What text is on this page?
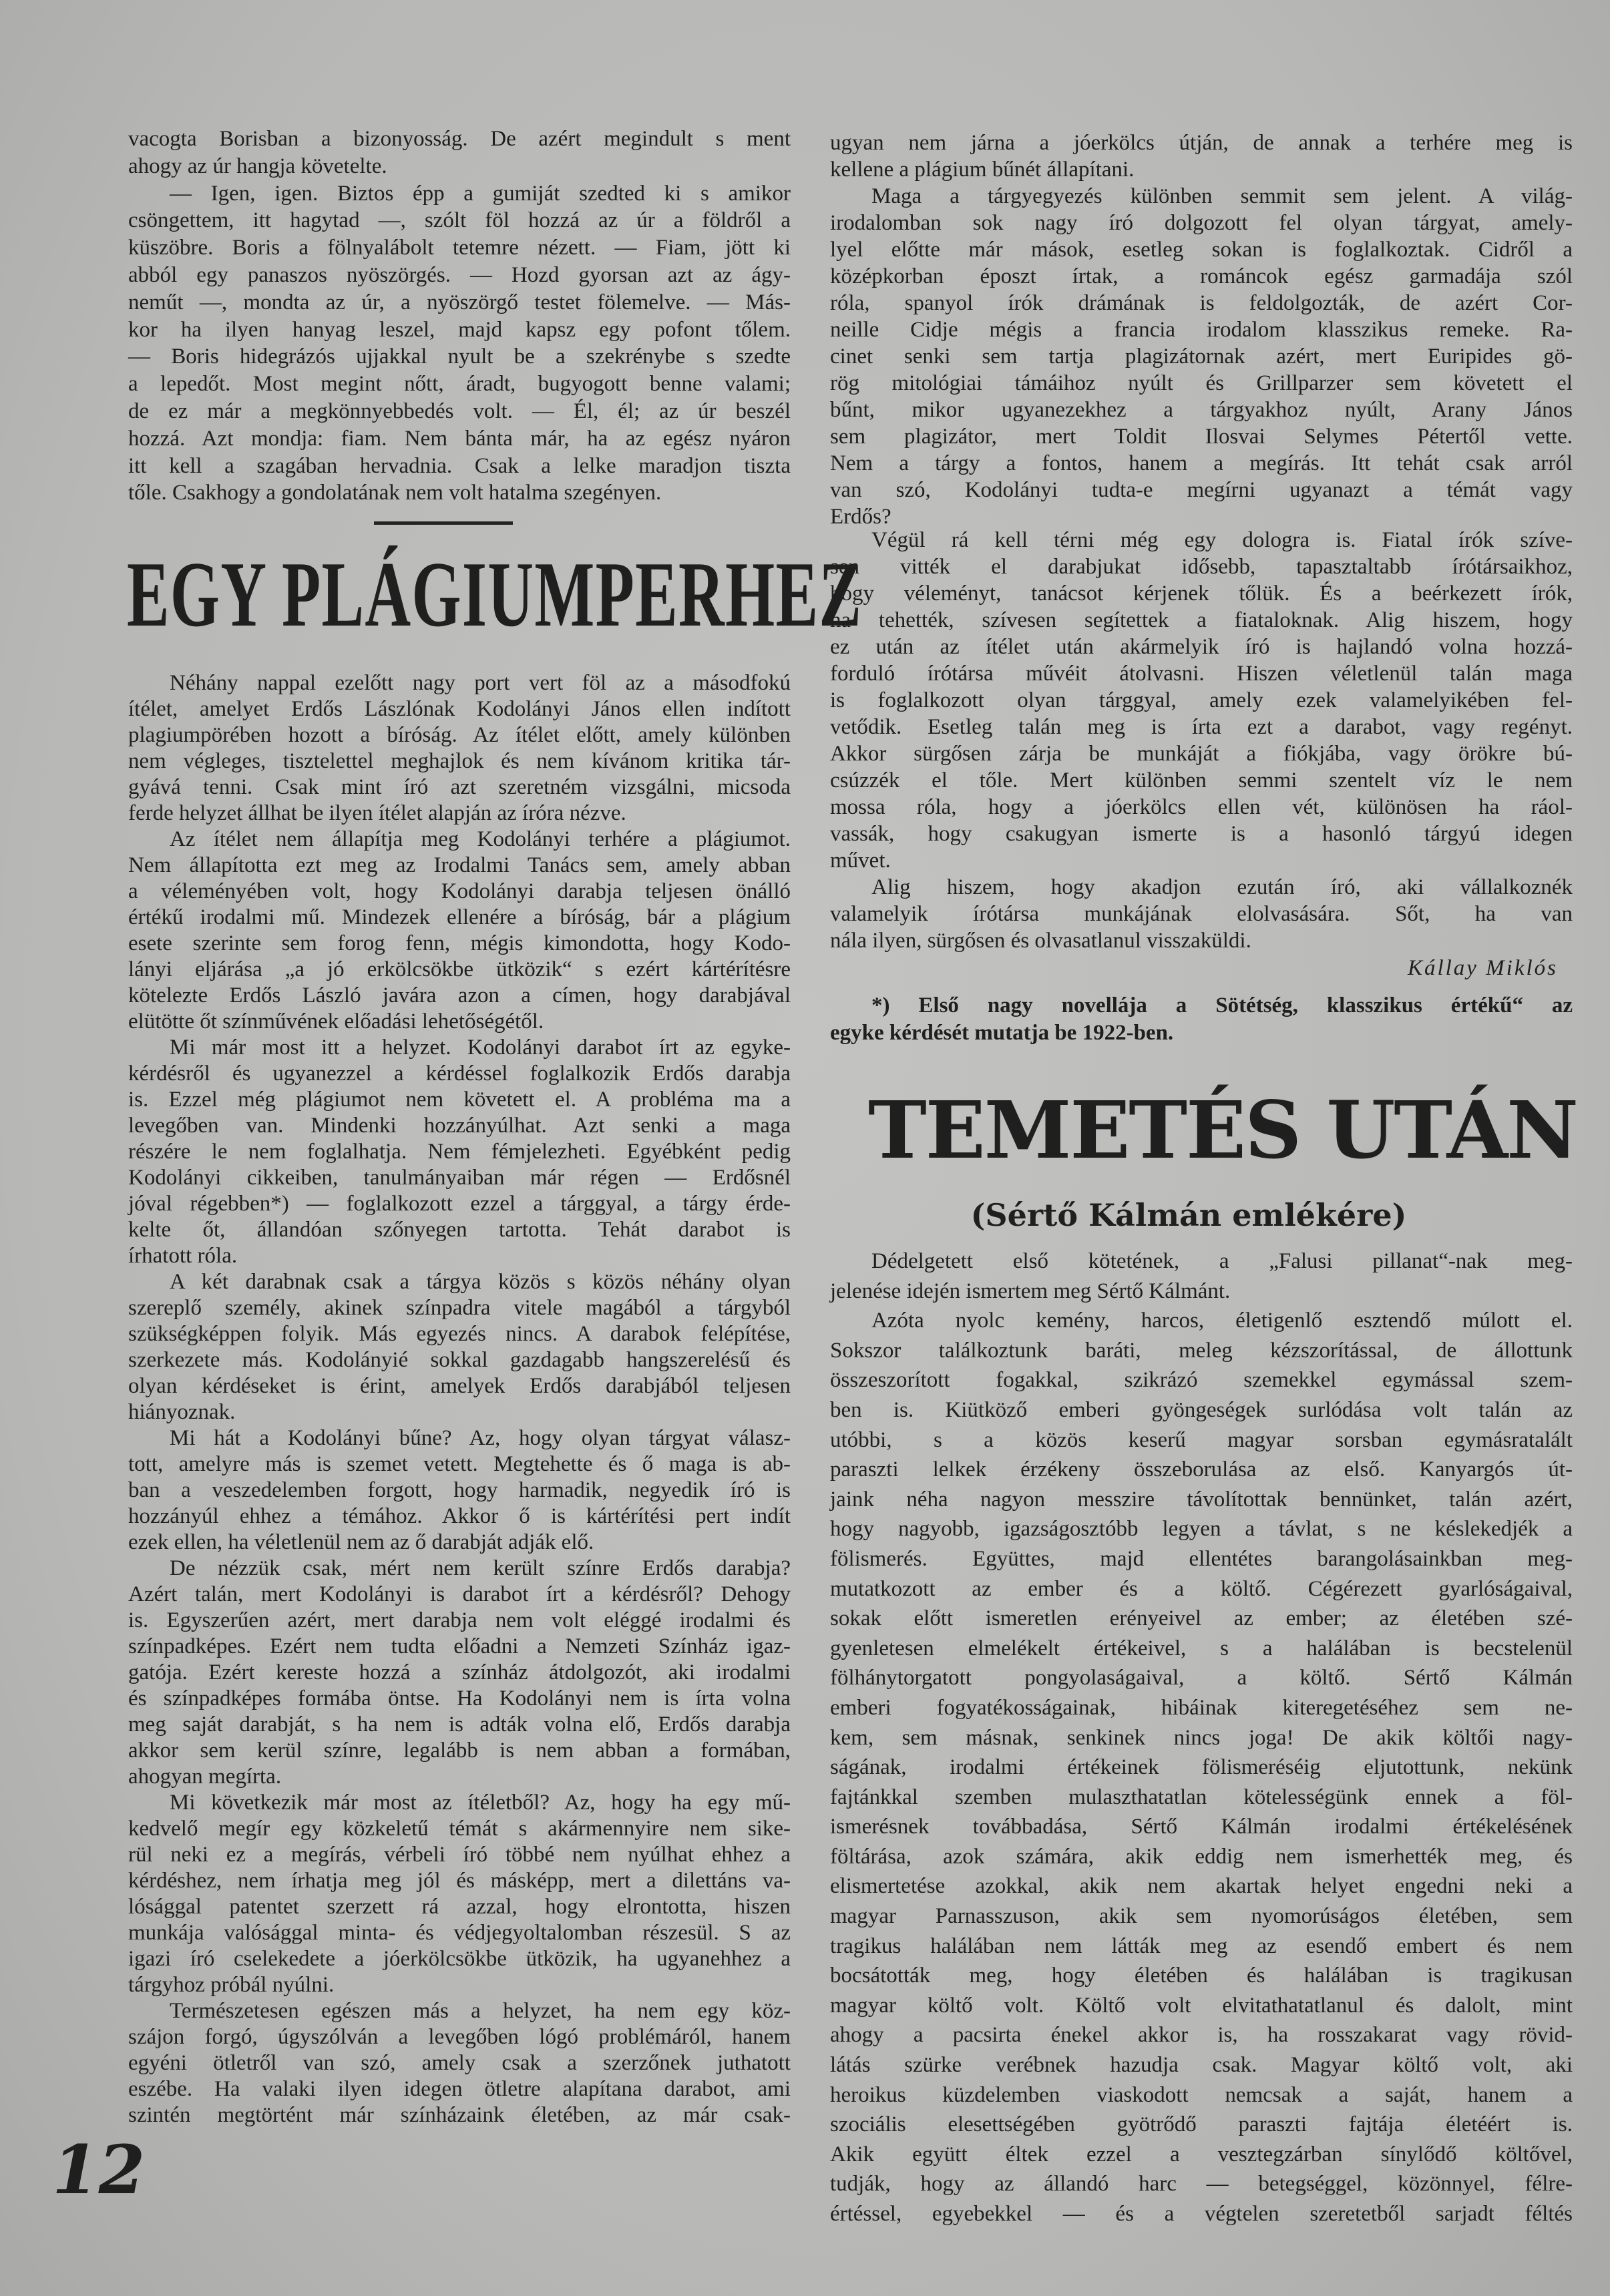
vacogta Borisban a bizonyosság. De azért megindult s ment
ahogy az úr hangja követelte.
— Igen, igen. Biztos épp a gumiját szedted ki s amikor
csöngettem, itt hagytad —, szólt föl hozzá az úr a földről a
küszöbre. Boris a fölnyalábolt tetemre nézett. — Fiam, jött ki
abból egy panaszos nyöszörgés. — Hozd gyorsan azt az ágy-
neműt —, mondta az úr, a nyöszörgő testet fölemelve. — Más-
kor ha ilyen hanyag leszel, majd kapsz egy pofont tőlem.
— Boris hidegrázós ujjakkal nyult be a szekrénybe s szedte
a lepedőt. Most megint nőtt, áradt, bugyogott benne valami;
de ez már a megkönnyebbedés volt. — Él, él; az úr beszél
hozzá. Azt mondja: fiam. Nem bánta már, ha az egész nyáron
itt kell a szagában hervadnia. Csak a lelke maradjon tiszta
tőle. Csakhogy a gondolatának nem volt hatalma szegényen.
EGY PLÁGIUMPERHEZ
Néhány nappal ezelőtt nagy port vert föl az a másodfokú
ítélet, amelyet Erdős Lászlónak Kodolányi János ellen indított
plagiumpörében hozott a bíróság. Az ítélet előtt, amely különben
nem végleges, tisztelettel meghajlok és nem kívánom kritika tár-
gyává tenni. Csak mint író azt szeretném vizsgálni, micsoda
ferde helyzet állhat be ilyen ítélet alapján az íróra nézve.
Az ítélet nem állapítja meg Kodolányi terhére a plágiumot.
Nem állapította ezt meg az Irodalmi Tanács sem, amely abban
a véleményében volt, hogy Kodolányi darabja teljesen önálló
értékű irodalmi mű. Mindezek ellenére a bíróság, bár a plágium
esete szerinte sem forog fenn, mégis kimondotta, hogy Kodo-
lányi eljárása „a jó erkölcsökbe ütközik“ s ezért kártérítésre
kötelezte Erdős László javára azon a címen, hogy darabjával
elütötte őt színművének előadási lehetőségétől.
Mi már most itt a helyzet. Kodolányi darabot írt az egyke-
kérdésről és ugyanezzel a kérdéssel foglalkozik Erdős darabja
is. Ezzel még plágiumot nem követett el. A probléma ma a
levegőben van. Mindenki hozzányúlhat. Azt senki a maga
részére le nem foglalhatja. Nem fémjelezheti. Egyébként pedig
Kodolányi cikkeiben, tanulmányaiban már régen — Erdősnél
jóval régebben*) — foglalkozott ezzel a tárggyal, a tárgy érde-
kelte őt, állandóan szőnyegen tartotta. Tehát darabot is
írhatott róla.
A két darabnak csak a tárgya közös s közös néhány olyan
szereplő személy, akinek színpadra vitele magából a tárgyból
szükségképpen folyik. Más egyezés nincs. A darabok felépítése,
szerkezete más. Kodolányié sokkal gazdagabb hangszerelésű és
olyan kérdéseket is érint, amelyek Erdős darabjából teljesen
hiányoznak.
Mi hát a Kodolányi bűne? Az, hogy olyan tárgyat válasz-
tott, amelyre más is szemet vetett. Megtehette és ő maga is ab-
ban a veszedelemben forgott, hogy harmadik, negyedik író is
hozzányúl ehhez a témához. Akkor ő is kártérítési pert indít
ezek ellen, ha véletlenül nem az ő darabját adják elő.
De nézzük csak, mért nem került színre Erdős darabja?
Azért talán, mert Kodolányi is darabot írt a kérdésről? Dehogy
is. Egyszerűen azért, mert darabja nem volt eléggé irodalmi és
színpadképes. Ezért nem tudta előadni a Nemzeti Színház igaz-
gatója. Ezért kereste hozzá a színház átdolgozót, aki irodalmi
és színpadképes formába öntse. Ha Kodolányi nem is írta volna
meg saját darabját, s ha nem is adták volna elő, Erdős darabja
akkor sem kerül színre, legalább is nem abban a formában,
ahogyan megírta.
Mi következik már most az ítéletből? Az, hogy ha egy mű-
kedvelő megír egy közkeletű témát s akármennyire nem sike-
rül neki ez a megírás, vérbeli író többé nem nyúlhat ehhez a
kérdéshez, nem írhatja meg jól és másképp, mert a dilettáns va-
lósággal patentet szerzett rá azzal, hogy elrontotta, hiszen
munkája valósággal minta- és védjegyoltalomban részesül. S az
igazi író cselekedete a jóerkölcsökbe ütközik, ha ugyanehhez a
tárgyhoz próbál nyúlni.
Természetesen egészen más a helyzet, ha nem egy köz-
szájon forgó, úgyszólván a levegőben lógó problémáról, hanem
egyéni ötletről van szó, amely csak a szerzőnek juthatott
eszébe. Ha valaki ilyen idegen ötletre alapítana darabot, ami
szintén megtörtént már színházaink életében, az már csak-
ugyan nem járna a jóerkölcs útján, de annak a terhére meg is
kellene a plágium bűnét állapítani.
Maga a tárgyegyezés különben semmit sem jelent. A világ-
irodalomban sok nagy író dolgozott fel olyan tárgyat, amely-
lyel előtte már mások, esetleg sokan is foglalkoztak. Cidről a
középkorban époszt írtak, a románcok egész garmadája szól
róla, spanyol írók drámának is feldolgozták, de azért Cor-
neille Cidje mégis a francia irodalom klasszikus remeke. Ra-
cinet senki sem tartja plagizátornak azért, mert Euripides gö-
rög mitológiai támáihoz nyúlt és Grillparzer sem követett el
bűnt, mikor ugyanezekhez a tárgyakhoz nyúlt, Arany János
sem plagizátor, mert Toldit Ilosvai Selymes Pétertől vette.
Nem a tárgy a fontos, hanem a megírás. Itt tehát csak arról
van szó, Kodolányi tudta-e megírni ugyanazt a témát vagy
Erdős?
Végül rá kell térni még egy dologra is. Fiatal írók szíve-
sen vitték el darabjukat idősebb, tapasztaltabb írótársaikhoz,
hogy véleményt, tanácsot kérjenek tőlük. És a beérkezett írók,
ha tehették, szívesen segítettek a fiataloknak. Alig hiszem, hogy
ez után az ítélet után akármelyik író is hajlandó volna hozzá-
forduló írótársa művéit átolvasni. Hiszen véletlenül talán maga
is foglalkozott olyan tárggyal, amely ezek valamelyikében fel-
vetődik. Esetleg talán meg is írta ezt a darabot, vagy regényt.
Akkor sürgősen zárja be munkáját a fiókjába, vagy örökre bú-
csúzzék el tőle. Mert különben semmi szentelt víz le nem
mossa róla, hogy a jóerkölcs ellen vét, különösen ha ráol-
vassák, hogy csakugyan ismerte is a hasonló tárgyú idegen
művet.
Alig hiszem, hogy akadjon ezután író, aki vállalkoznék
valamelyik írótársa munkájának elolvasására. Sőt, ha van
nála ilyen, sürgősen és olvasatlanul visszaküldi.
Kállay Miklós
*) Első nagy novellája a Sötétség, klasszikus értékű“ az
egyke kérdését mutatja be 1922-ben.
TEMETÉS UTÁN
(Sértő Kálmán emlékére)
Dédelgetett első kötetének, a „Falusi pillanat“-nak meg-
jelenése idején ismertem meg Sértő Kálmánt.
Azóta nyolc kemény, harcos, életigenlő esztendő múlott el.
Sokszor találkoztunk baráti, meleg kézszorítással, de állottunk
összeszorított fogakkal, szikrázó szemekkel egymással szem-
ben is. Kiütköző emberi gyöngeségek surlódása volt talán az
utóbbi, s a közös keserű magyar sorsban egymásratalált
paraszti lelkek érzékeny összeborulása az első. Kanyargós út-
jaink néha nagyon messzire távolítottak bennünket, talán azért,
hogy nagyobb, igazságosztóbb legyen a távlat, s ne késlekedjék a
fölismerés. Együttes, majd ellentétes barangolásainkban meg-
mutatkozott az ember és a költő. Cégérezett gyarlóságaival,
sokak előtt ismeretlen erényeivel az ember; az életében szé-
gyenletesen elmelékelt értékeivel, s a halálában is becstelenül
fölhánytorgatott pongyolaságaival, a költő. Sértő Kálmán
emberi fogyatékosságainak, hibáinak kiteregetéséhez sem ne-
kem, sem másnak, senkinek nincs joga! De akik költői nagy-
ságának, irodalmi értékeinek fölismeréséig eljutottunk, nekünk
fajtánkkal szemben mulaszthatatlan kötelességünk ennek a föl-
ismerésnek továbbadása, Sértő Kálmán irodalmi értékelésének
föltárása, azok számára, akik eddig nem ismerhették meg, és
elismertetése azokkal, akik nem akartak helyet engedni neki a
magyar Parnasszuson, akik sem nyomorúságos életében, sem
tragikus halálában nem látták meg az esendő embert és nem
bocsátották meg, hogy életében és halálában is tragikusan
magyar költő volt. Költő volt elvitathatatlanul és dalolt, mint
ahogy a pacsirta énekel akkor is, ha rosszakarat vagy rövid-
látás szürke verébnek hazudja csak. Magyar költő volt, aki
heroikus küzdelemben viaskodott nemcsak a saját, hanem a
szociális elesettségében gyötrődő paraszti fajtája életéért is.
Akik együtt éltek ezzel a vesztegzárban sínylődő költővel,
tudják, hogy az állandó harc — betegséggel, közönnyel, félre-
értéssel, egyebekkel — és a végtelen szeretetből sarjadt féltés
12
